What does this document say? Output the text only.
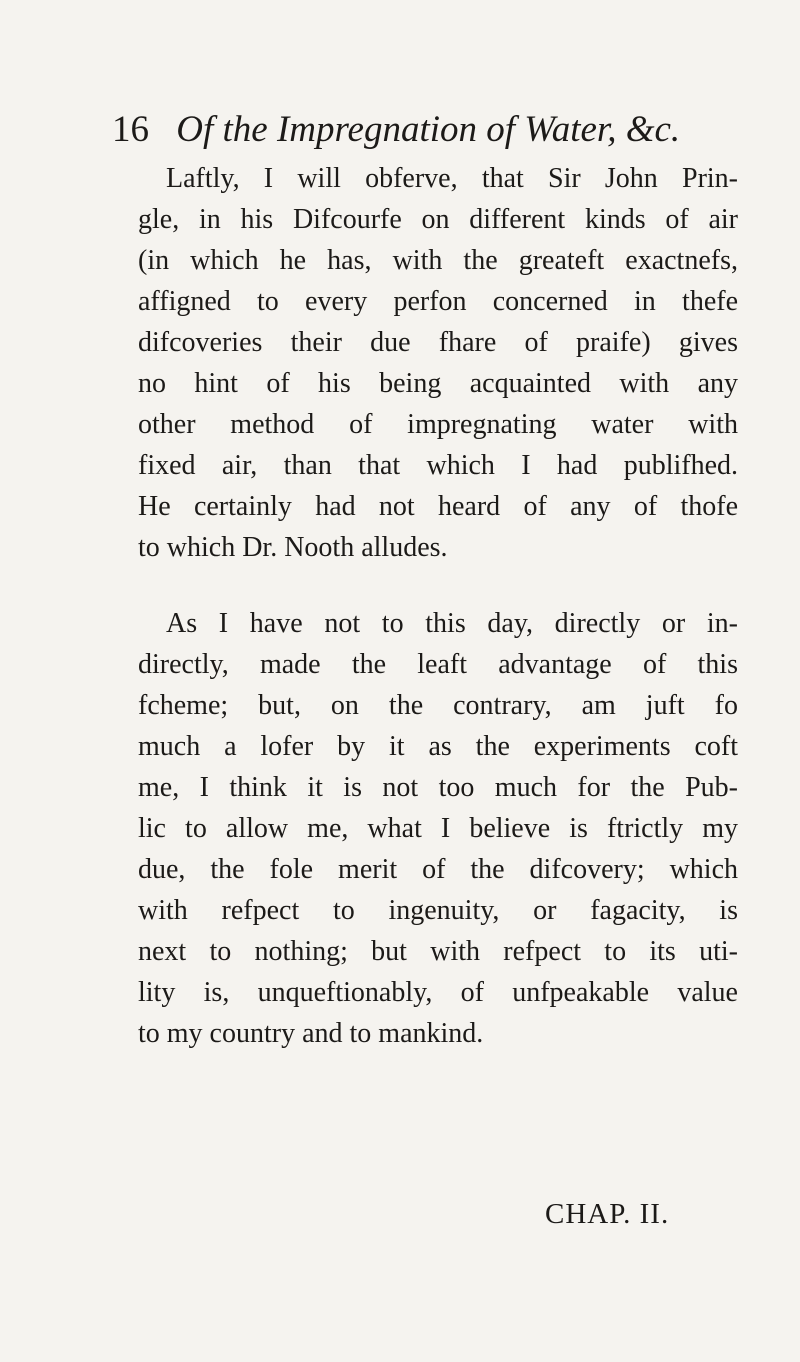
16 Of the Impregnation of Water, &c.

Laftly, I will obferve, that Sir John Prin-
gle, in his Difcourfe on different kinds of air
(in which he has, with the greateft exactnefs,
affigned to every perfon concerned in thefe
difcoveries their due fhare of praife) gives
no hint of his being acquainted with any
other method of impregnating water with
fixed air, than that which I had publifhed.
He certainly had not heard of any of thofe
to which Dr. Nooth alludes.

As I have not to this day, directly or in-
directly, made the leaft advantage of this
fcheme; but, on the contrary, am juft fo
much a lofer by it as the experiments coft
me, I think it is not too much for the Pub-
lic to allow me, what I believe is ftrictly my
due, the fole merit of the difcovery; which
with refpect to ingenuity, or fagacity, is
next to nothing; but with refpect to its uti-
lity is, unqueftionably, of unfpeakable value
to my country and to mankind.

CHAP. II.
